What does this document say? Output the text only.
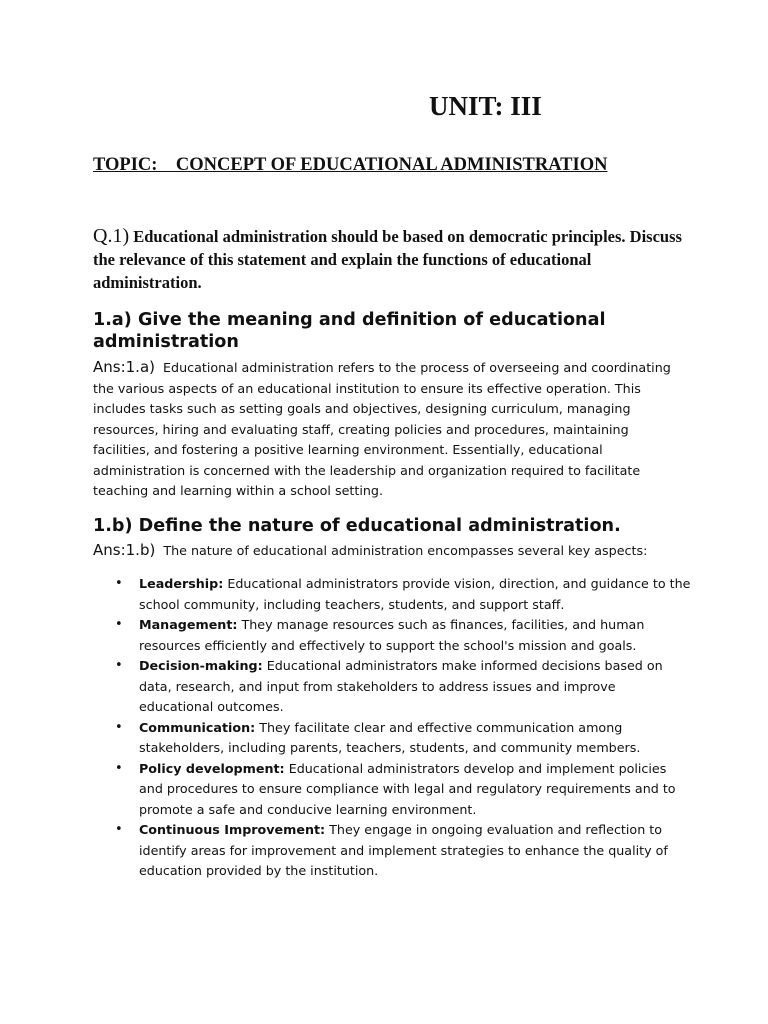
UNIT: III

TOPIC:    CONCEPT OF EDUCATIONAL ADMINISTRATION

Q.1) Educational administration should be based on democratic principles. Discuss the relevance of this statement and explain the functions of educational administration.

1.a) Give the meaning and definition of educational administration

Ans:1.a) Educational administration refers to the process of overseeing and coordinating the various aspects of an educational institution to ensure its effective operation. This includes tasks such as setting goals and objectives, designing curriculum, managing resources, hiring and evaluating staff, creating policies and procedures, maintaining facilities, and fostering a positive learning environment. Essentially, educational administration is concerned with the leadership and organization required to facilitate teaching and learning within a school setting.

1.b) Define the nature of educational administration.

Ans:1.b) The nature of educational administration encompasses several key aspects:

• Leadership: Educational administrators provide vision, direction, and guidance to the school community, including teachers, students, and support staff.
• Management: They manage resources such as finances, facilities, and human resources efficiently and effectively to support the school's mission and goals.
• Decision-making: Educational administrators make informed decisions based on data, research, and input from stakeholders to address issues and improve educational outcomes.
• Communication: They facilitate clear and effective communication among stakeholders, including parents, teachers, students, and community members.
• Policy development: Educational administrators develop and implement policies and procedures to ensure compliance with legal and regulatory requirements and to promote a safe and conducive learning environment.
• Continuous Improvement: They engage in ongoing evaluation and reflection to identify areas for improvement and implement strategies to enhance the quality of education provided by the institution.
